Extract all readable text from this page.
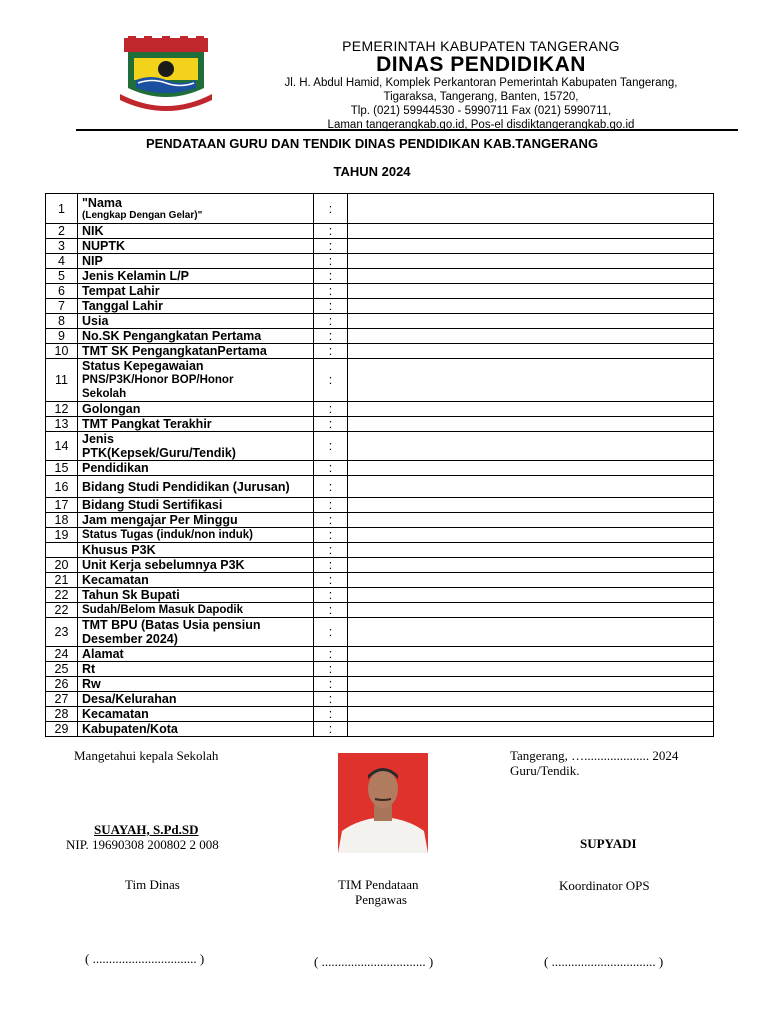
PEMERINTAH KABUPATEN TANGERANG
DINAS PENDIDIKAN
Jl. H. Abdul Hamid, Komplek Perkantoran Pemerintah Kabupaten Tangerang,
Tigaraksa, Tangerang, Banten, 15720,
Tlp. (021) 59944530 - 5990711 Fax (021) 5990711,
Laman tangerangkab.go.id, Pos-el disdiktangerangkab.go.id
PENDATAAN GURU DAN TENDIK DINAS PENDIDIKAN KAB.TANGERANG
TAHUN 2024
1	"Nama
(Lengkap Dengan Gelar)"	:	
2	NIK	:	
3	NUPTK	:	
4	NIP	:	
5	Jenis Kelamin L/P	:	
6	Tempat Lahir	:	
7	Tanggal Lahir	:	
8	Usia	:	
9	No.SK Pengangkatan Pertama	:	
10	TMT SK PengangkatanPertama	:	
11	Status Kepegawaian
PNS/P3K/Honor BOP/Honor
Sekolah	:	
12	Golongan	:	
13	TMT Pangkat Terakhir	:	
14	Jenis
PTK(Kepsek/Guru/Tendik)	:	
15	Pendidikan	:	
16	Bidang Studi Pendidikan (Jurusan)	:	
17	Bidang Studi Sertifikasi	:	
18	Jam mengajar Per Minggu	:	
19	Status Tugas (induk/non induk)	:	

	Khusus P3K	:	
20	Unit Kerja sebelumnya P3K	:	
21	Kecamatan	:	
22	Tahun Sk Bupati	:	
22	Sudah/Belom Masuk Dapodik	:	
23	TMT BPU (Batas Usia pensiun
Desember 2024)	:	
24	Alamat	:	
25	Rt	:	
26	Rw	:	
27	Desa/Kelurahan	:	
28	Kecamatan	:	
29	Kabupaten/Kota	:	
Mangetahui kepala Sekolah
SUAYAH, S.Pd.SD
NIP. 19690308 200802 2 008
Tangerang, ….................... 2024
Guru/Tendik.
SUPYADI
Tim Dinas	TIM Pendataan
Pengawas
Koordinator OPS
( ................................ )	( ................................ )	( ................................ )
